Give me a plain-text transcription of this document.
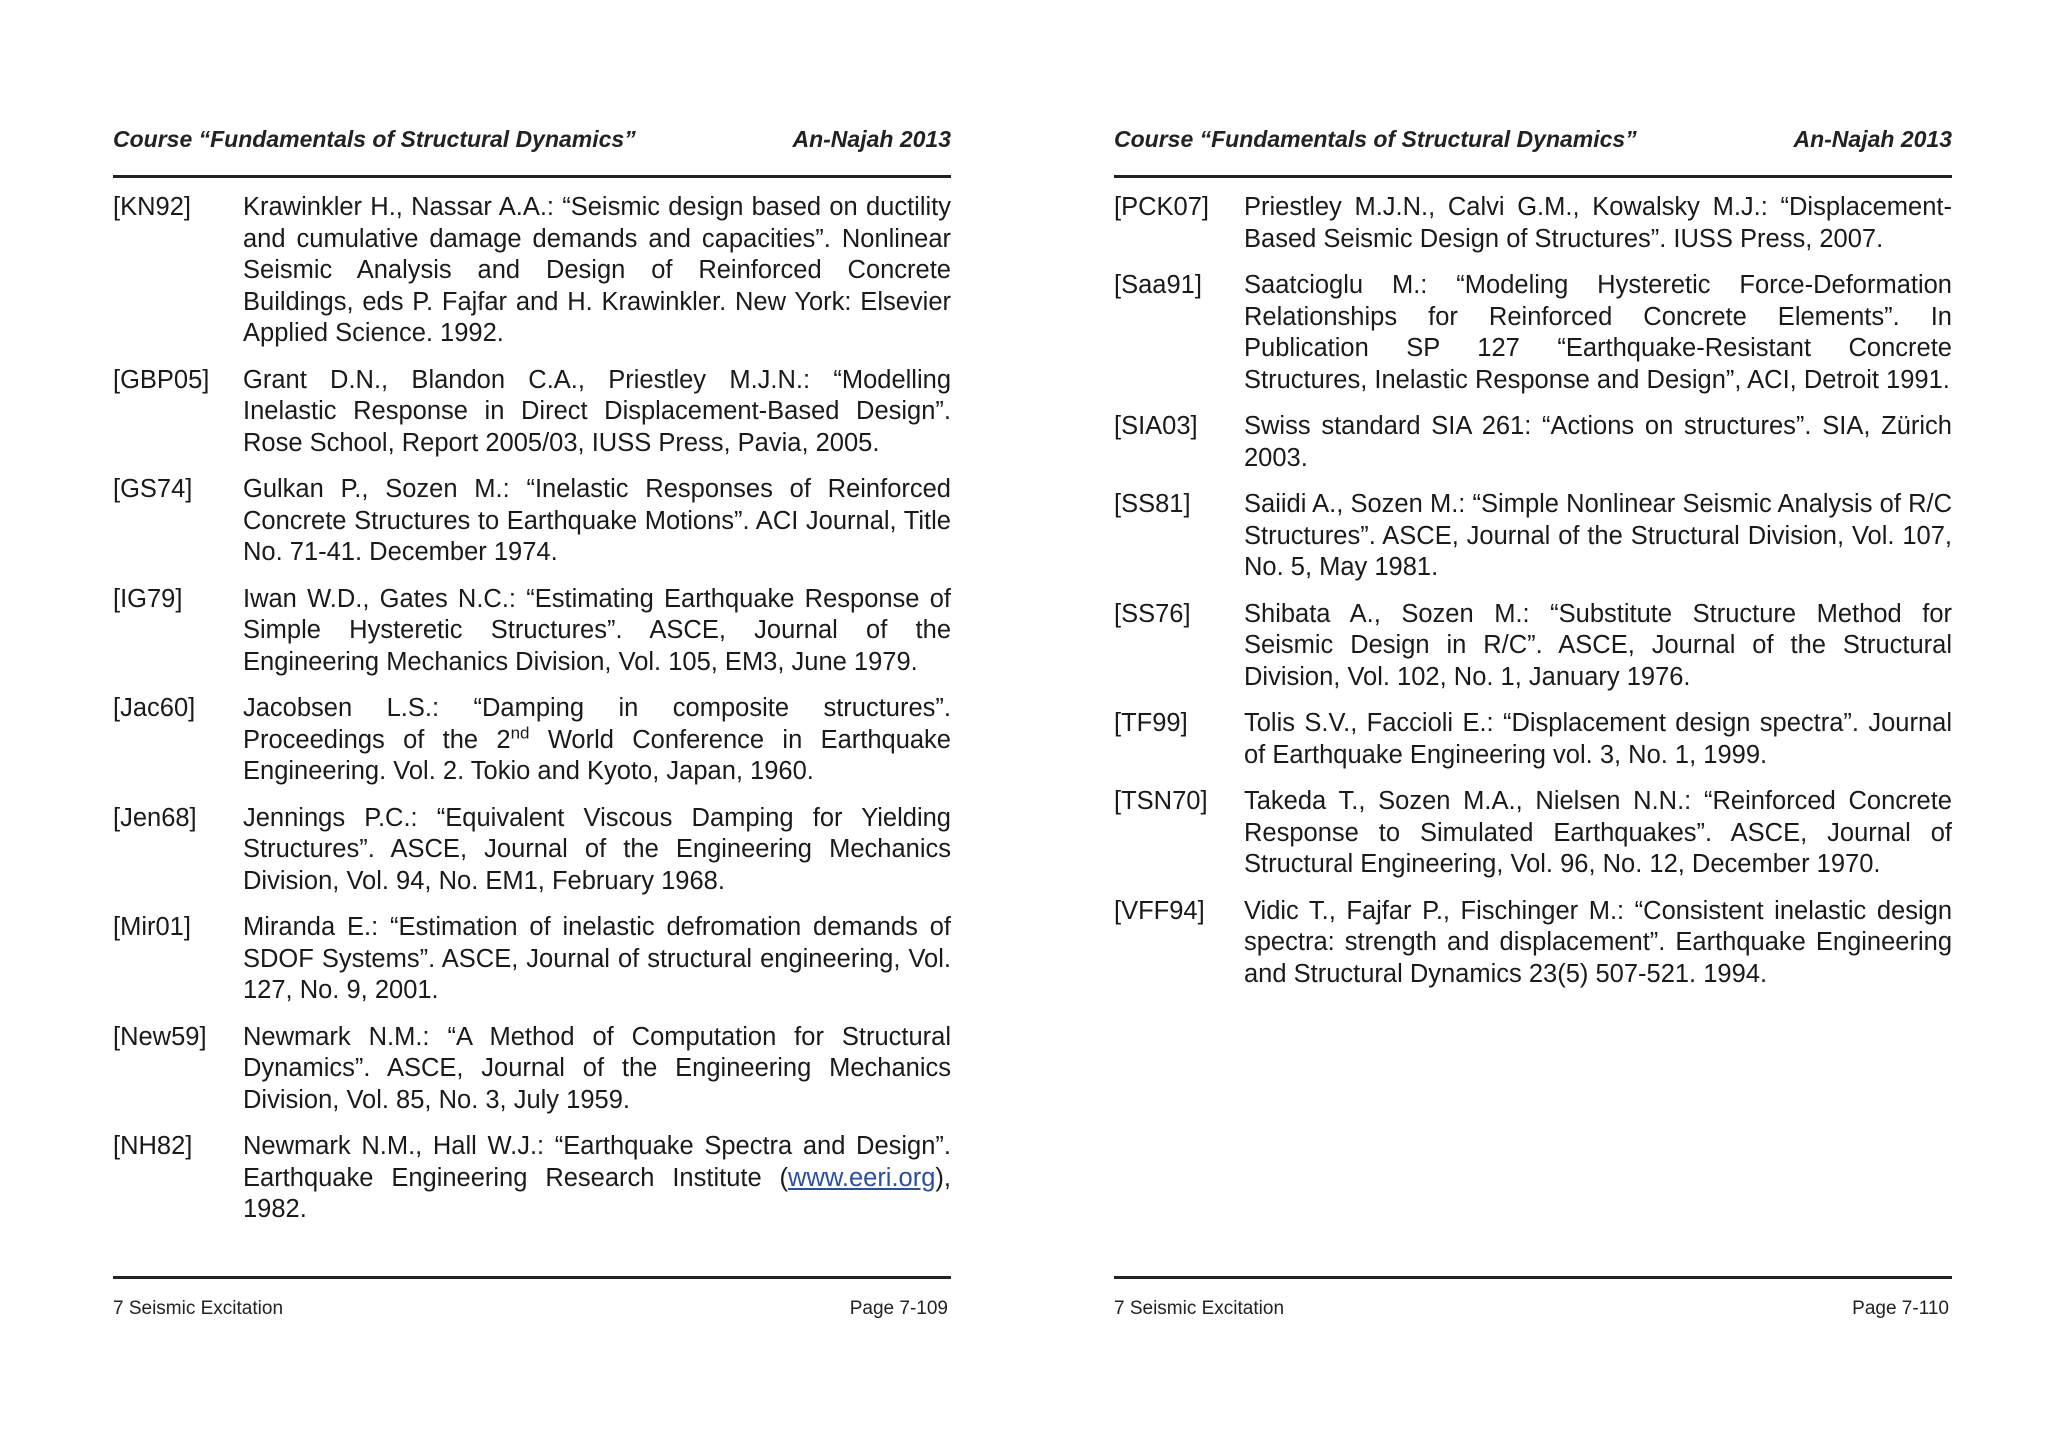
Course “Fundamentals of Structural Dynamics”	An-Najah 2013
[KN92]	Krawinkler H., Nassar A.A.: “Seismic design based on ductility and cumulative damage demands and capacities”. Nonlinear Seismic Analysis and Design of Reinforced Concrete Buildings, eds P. Fajfar and H. Krawinkler. New York: Elsevier Applied Science. 1992.
[GBP05]	Grant D.N., Blandon C.A., Priestley M.J.N.: “Modelling Inelastic Response in Direct Displacement-Based Design”. Rose School, Report 2005/03, IUSS Press, Pavia, 2005.
[GS74]	Gulkan P., Sozen M.: “Inelastic Responses of Reinforced Concrete Structures to Earthquake Motions”. ACI Journal, Title No. 71-41. December 1974.
[IG79]	Iwan W.D., Gates N.C.: “Estimating Earthquake Response of Simple Hysteretic Structures”. ASCE, Journal of the Engineering Mechanics Division, Vol. 105, EM3, June 1979.
[Jac60]	Jacobsen L.S.: “Damping in composite structures”. Proceedings of the 2nd World Conference in Earthquake Engineering. Vol. 2. Tokio and Kyoto, Japan, 1960.
[Jen68]	Jennings P.C.: “Equivalent Viscous Damping for Yielding Structures”. ASCE, Journal of the Engineering Mechanics Division, Vol. 94, No. EM1, February 1968.
[Mir01]	Miranda E.: “Estimation of inelastic defromation demands of SDOF Systems”. ASCE, Journal of structural engineering, Vol. 127, No. 9, 2001.
[New59]	Newmark N.M.: “A Method of Computation for Structural Dynamics”. ASCE, Journal of the Engineering Mechanics Division, Vol. 85, No. 3, July 1959.
[NH82]	Newmark N.M., Hall W.J.: “Earthquake Spectra and Design”. Earthquake Engineering Research Institute (www.eeri.org), 1982.
7 Seismic Excitation	Page 7-109
Course “Fundamentals of Structural Dynamics”	An-Najah 2013
[PCK07]	Priestley M.J.N., Calvi G.M., Kowalsky M.J.: “Displacement-Based Seismic Design of Structures”. IUSS Press, 2007.
[Saa91]	Saatcioglu M.: “Modeling Hysteretic Force-Deformation Relationships for Reinforced Concrete Elements”. In Publication SP 127 “Earthquake-Resistant Concrete Structures, Inelastic Response and Design”, ACI, Detroit 1991.
[SIA03]	Swiss standard SIA 261: “Actions on structures”. SIA, Zürich 2003.
[SS81]	Saiidi A., Sozen M.: “Simple Nonlinear Seismic Analysis of R/C Structures”. ASCE, Journal of the Structural Division, Vol. 107, No. 5, May 1981.
[SS76]	Shibata A., Sozen M.: “Substitute Structure Method for Seismic Design in R/C”. ASCE, Journal of the Structural Division, Vol. 102, No. 1, January 1976.
[TF99]	Tolis S.V., Faccioli E.: “Displacement design spectra”. Journal of Earthquake Engineering vol. 3, No. 1, 1999.
[TSN70]	Takeda T., Sozen M.A., Nielsen N.N.: “Reinforced Concrete Response to Simulated Earthquakes”. ASCE, Journal of Structural Engineering, Vol. 96, No. 12, December 1970.
[VFF94]	Vidic T., Fajfar P., Fischinger M.: “Consistent inelastic design spectra: strength and displacement”. Earthquake Engineering and Structural Dynamics 23(5) 507-521. 1994.
7 Seismic Excitation	Page 7-110
